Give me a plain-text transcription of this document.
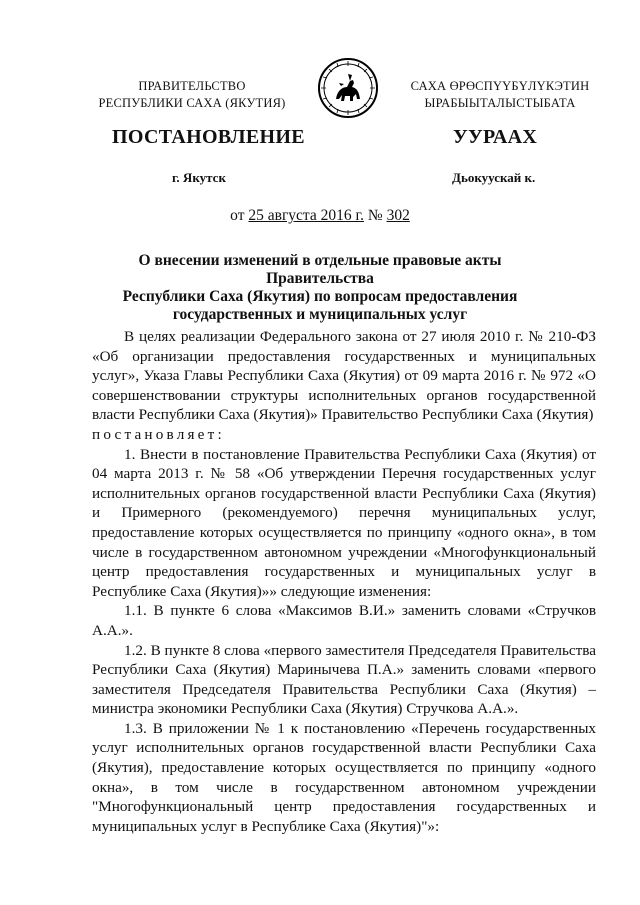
ПРАВИТЕЛЬСТВО
РЕСПУБЛИКИ САХА (ЯКУТИЯ)
САХА ӨРӨСПҮҮБҮЛҮКЭТИН
ЫРАБЫЫТАЛЫСТЫБАТА
ПОСТАНОВЛЕНИЕ	УУРААХ
г. Якутск	Дьокуускай к.
от 25 августа 2016 г. № 302
О внесении изменений в отдельные правовые акты Правительства
Республики Саха (Якутия) по вопросам предоставления
государственных и муниципальных услуг

В целях реализации Федерального закона от 27 июля 2010 г. № 210-ФЗ «Об организации предоставления государственных и муниципальных услуг», Указа Главы Республики Саха (Якутия) от 09 марта 2016 г. № 972 «О совершенствовании структуры исполнительных органов государственной власти Республики Саха (Якутия)» Правительство Республики Саха (Якутия)

постановляет:

1. Внести в постановление Правительства Республики Саха (Якутия) от 04 марта 2013 г. № 58 «Об утверждении Перечня государственных услуг исполнительных органов государственной власти Республики Саха (Якутия) и Примерного (рекомендуемого) перечня муниципальных услуг, предоставление которых осуществляется по принципу «одного окна», в том числе в государственном автономном учреждении «Многофункциональный центр предоставления государственных и муниципальных услуг в Республике Саха (Якутия)»» следующие изменения:

1.1. В пункте 6 слова «Максимов В.И.» заменить словами «Стручков А.А.».

1.2. В пункте 8 слова «первого заместителя Председателя Правительства Республики Саха (Якутия) Маринычева П.А.» заменить словами «первого заместителя Председателя Правительства Республики Саха (Якутия) – министра экономики Республики Саха (Якутия) Стручкова А.А.».

1.3. В приложении № 1 к постановлению «Перечень государственных услуг исполнительных органов государственной власти Республики Саха (Якутия), предоставление которых осуществляется по принципу «одного окна», в том числе в государственном автономном учреждении "Многофункциональный центр предоставления государственных и муниципальных услуг в Республике Саха (Якутия)"»:
